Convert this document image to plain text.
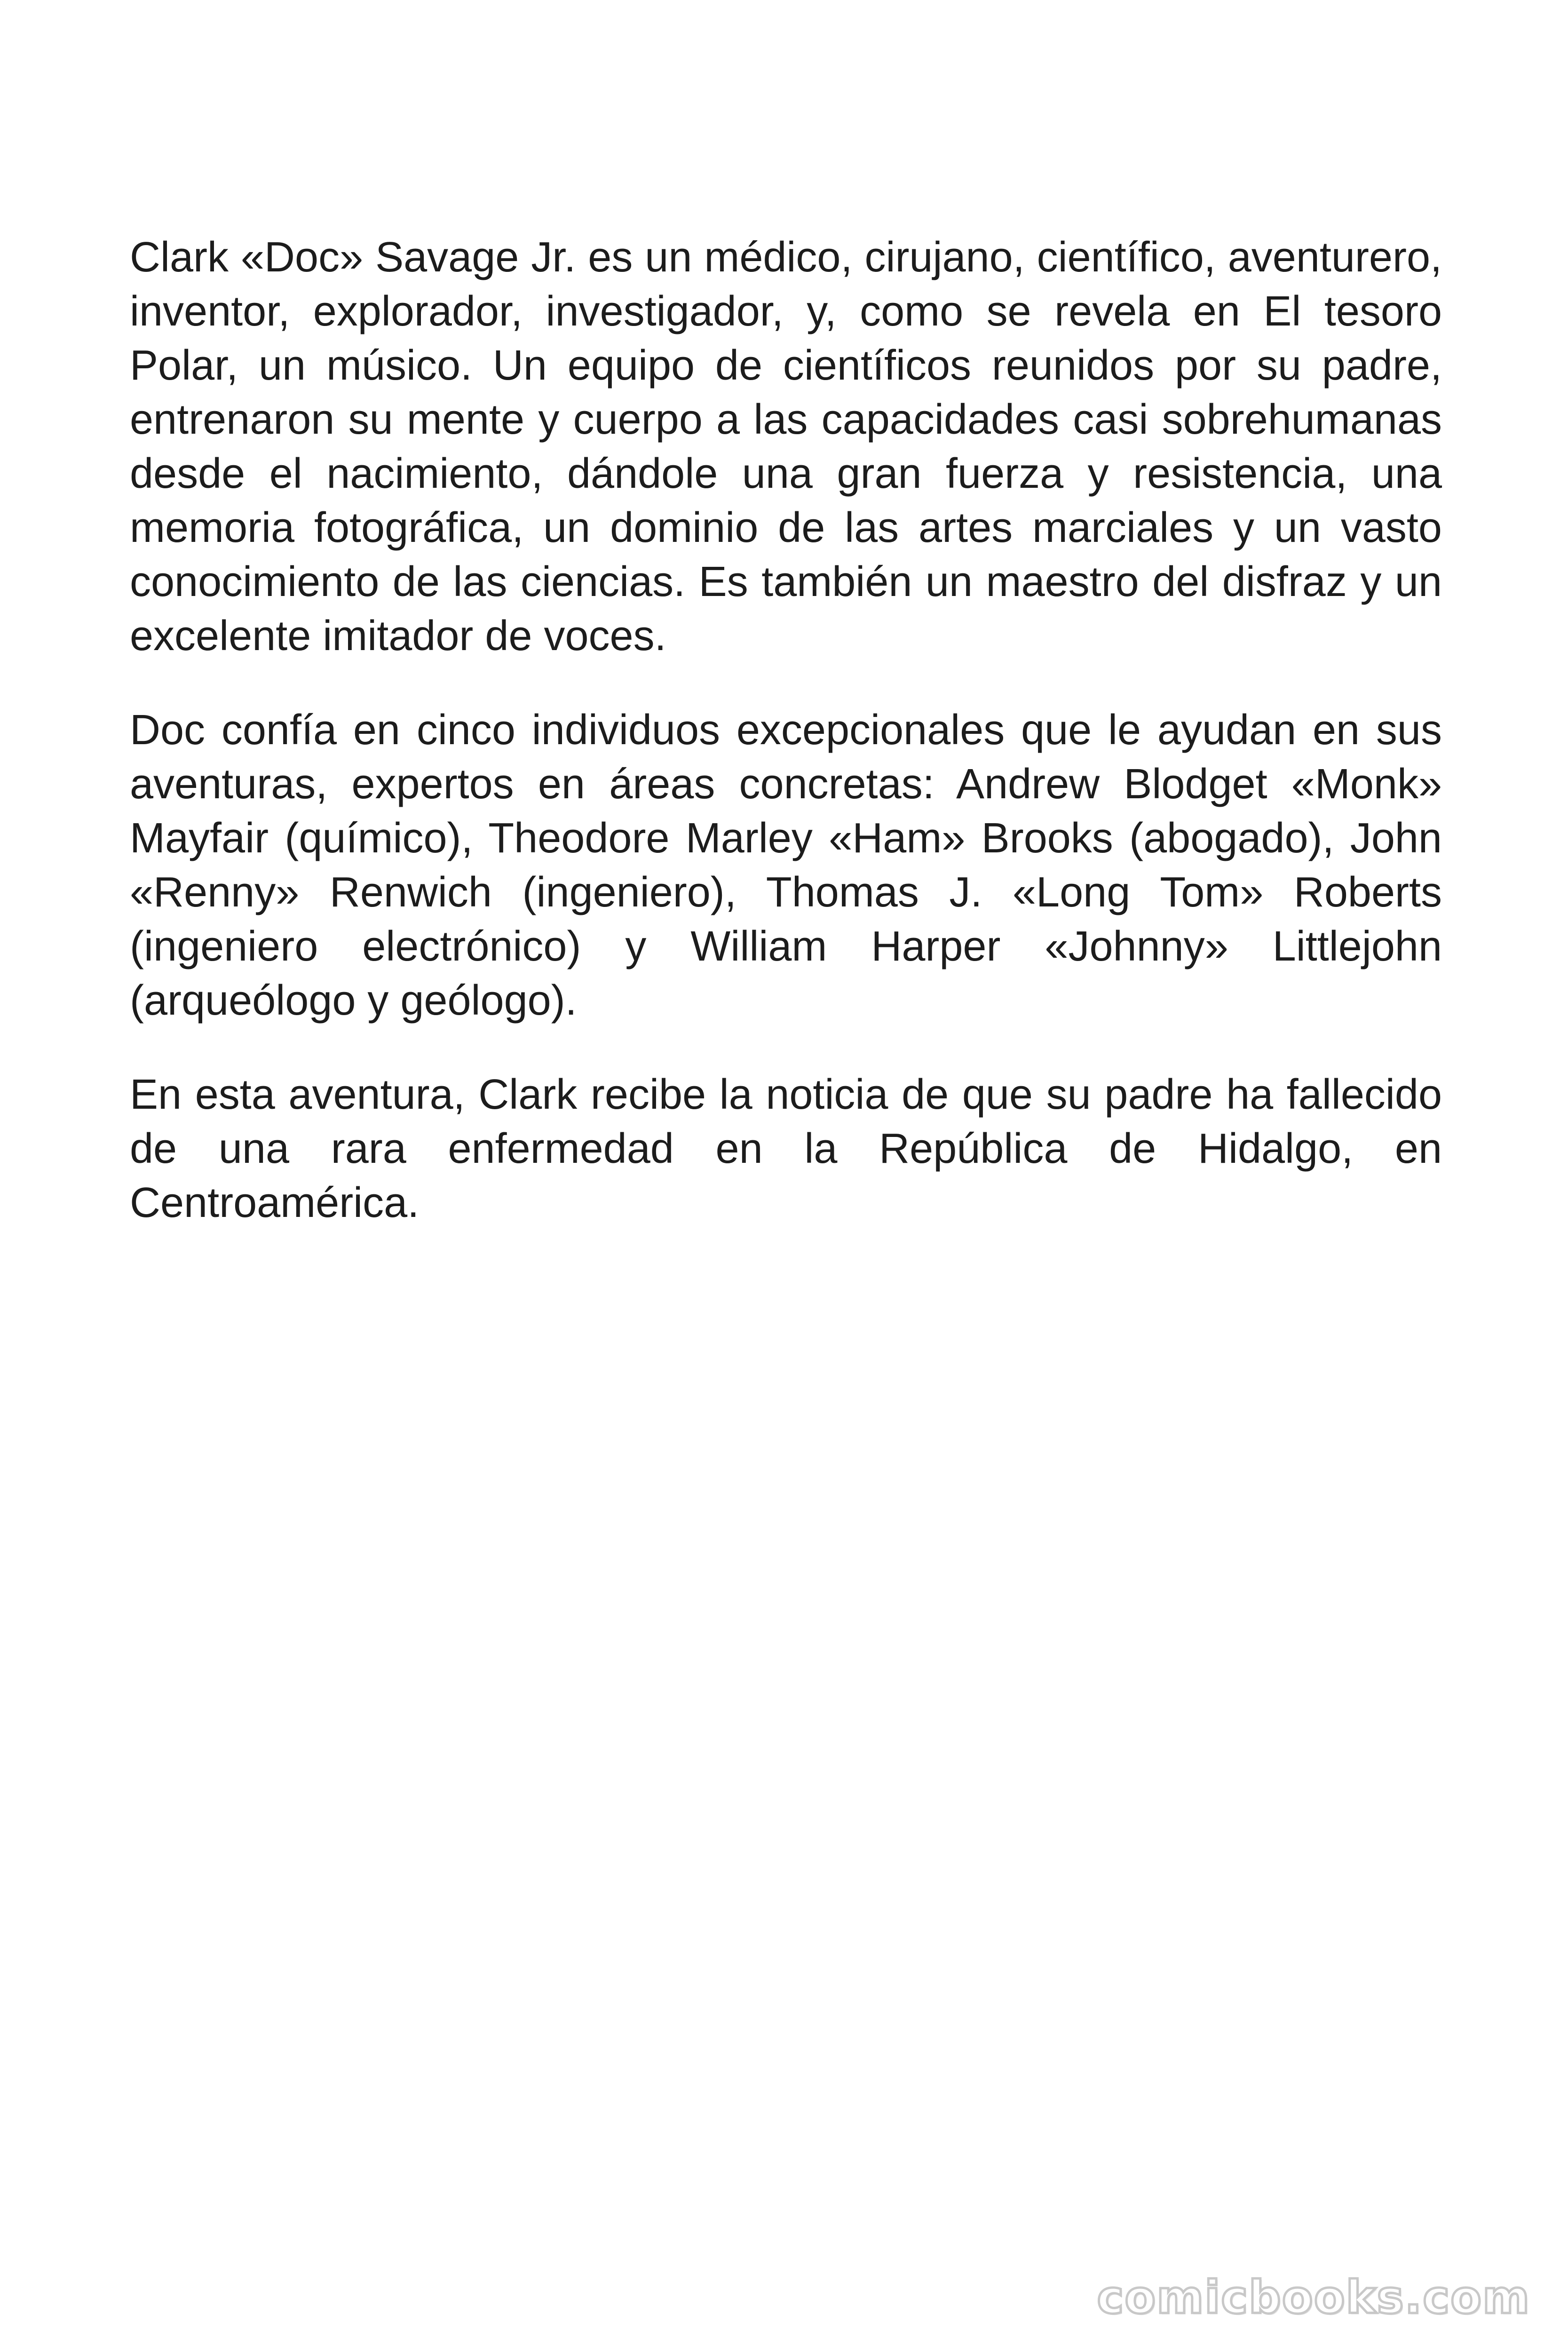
Clark «Doc» Savage Jr. es un médico, cirujano, científico, aventurero, inventor, explorador, investigador, y, como se revela en El tesoro Polar, un músico. Un equipo de científicos reunidos por su padre, entrenaron su mente y cuerpo a las capacidades casi sobrehumanas desde el nacimiento, dándole una gran fuerza y resistencia, una memoria fotográfica, un dominio de las artes marciales y un vasto conocimiento de las ciencias. Es también un maestro del disfraz y un excelente imitador de voces.

Doc confía en cinco individuos excepcionales que le ayudan en sus aventuras, expertos en áreas concretas: Andrew Blodget «Monk» Mayfair (químico), Theodore Marley «Ham» Brooks (abogado), John «Renny» Renwich (ingeniero), Thomas J. «Long Tom» Roberts (ingeniero electrónico) y William Harper «Johnny» Littlejohn (arqueólogo y geólogo).

En esta aventura, Clark recibe la noticia de que su padre ha fallecido de una rara enfermedad en la República de Hidalgo, en Centroamérica.

comicbooks.com
